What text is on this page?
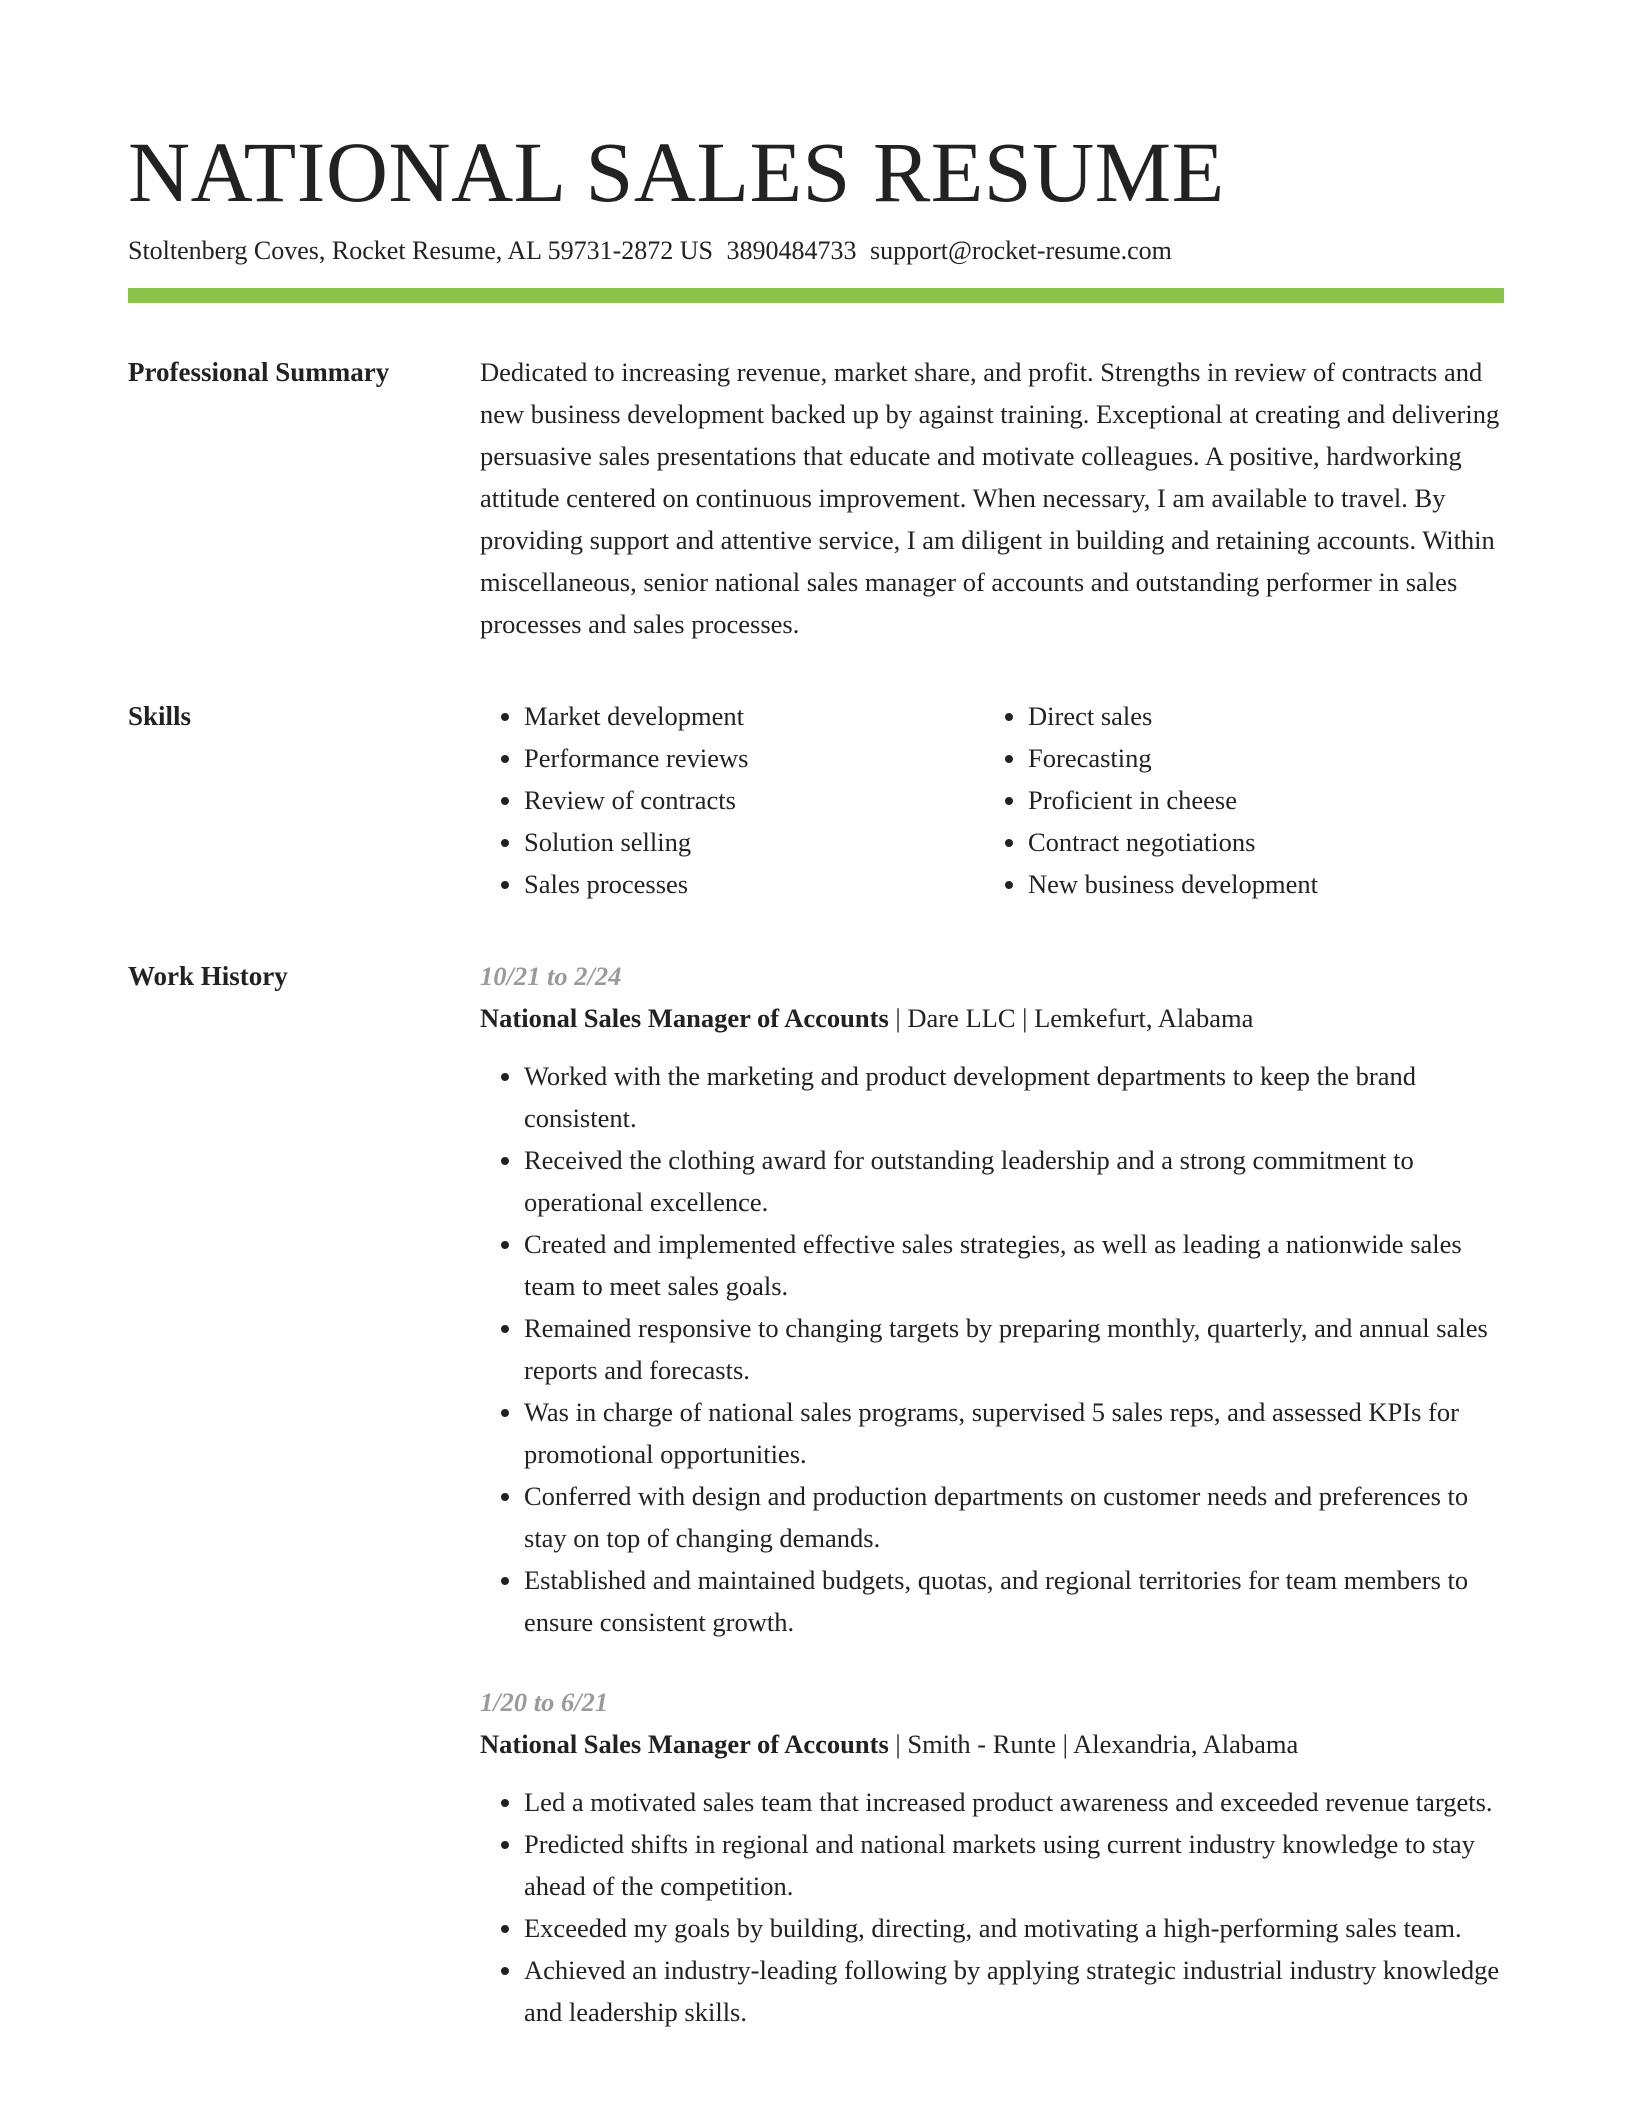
NATIONAL SALES RESUME
Stoltenberg Coves, Rocket Resume, AL 59731-2872 US 3890484733 support@rocket-resume.com
Professional Summary	Dedicated to increasing revenue, market share, and profit. Strengths in review of contracts and new business development backed up by against training. Exceptional at creating and delivering persuasive sales presentations that educate and motivate colleagues. A positive, hardworking attitude centered on continuous improvement. When necessary, I am available to travel. By providing support and attentive service, I am diligent in building and retaining accounts. Within miscellaneous, senior national sales manager of accounts and outstanding performer in sales processes and sales processes.

Skills
•	Market development
• Performance reviews
• Review of contracts
• Solution selling
• Sales processes
• Direct sales
• Forecasting
• Proficient in cheese
• Contract negotiations
• New business development
Work History	10/21 to 2/24
National Sales Manager of Accounts | Dare LLC | Lemkefurt, Alabama
• Worked with the marketing and product development departments to keep the brand consistent.
• Received the clothing award for outstanding leadership and a strong commitment to operational excellence.
• Created and implemented effective sales strategies, as well as leading a nationwide sales team to meet sales goals.
• Remained responsive to changing targets by preparing monthly, quarterly, and annual sales reports and forecasts.
• Was in charge of national sales programs, supervised 5 sales reps, and assessed KPIs for promotional opportunities.
• Conferred with design and production departments on customer needs and preferences to stay on top of changing demands.
• Established and maintained budgets, quotas, and regional territories for team members to ensure consistent growth.
1/20 to 6/21
National Sales Manager of Accounts | Smith - Runte | Alexandria, Alabama
• Led a motivated sales team that increased product awareness and exceeded revenue targets.
• Predicted shifts in regional and national markets using current industry knowledge to stay ahead of the competition.
• Exceeded my goals by building, directing, and motivating a high-performing sales team.
• Achieved an industry-leading following by applying strategic industrial industry knowledge and leadership skills.
